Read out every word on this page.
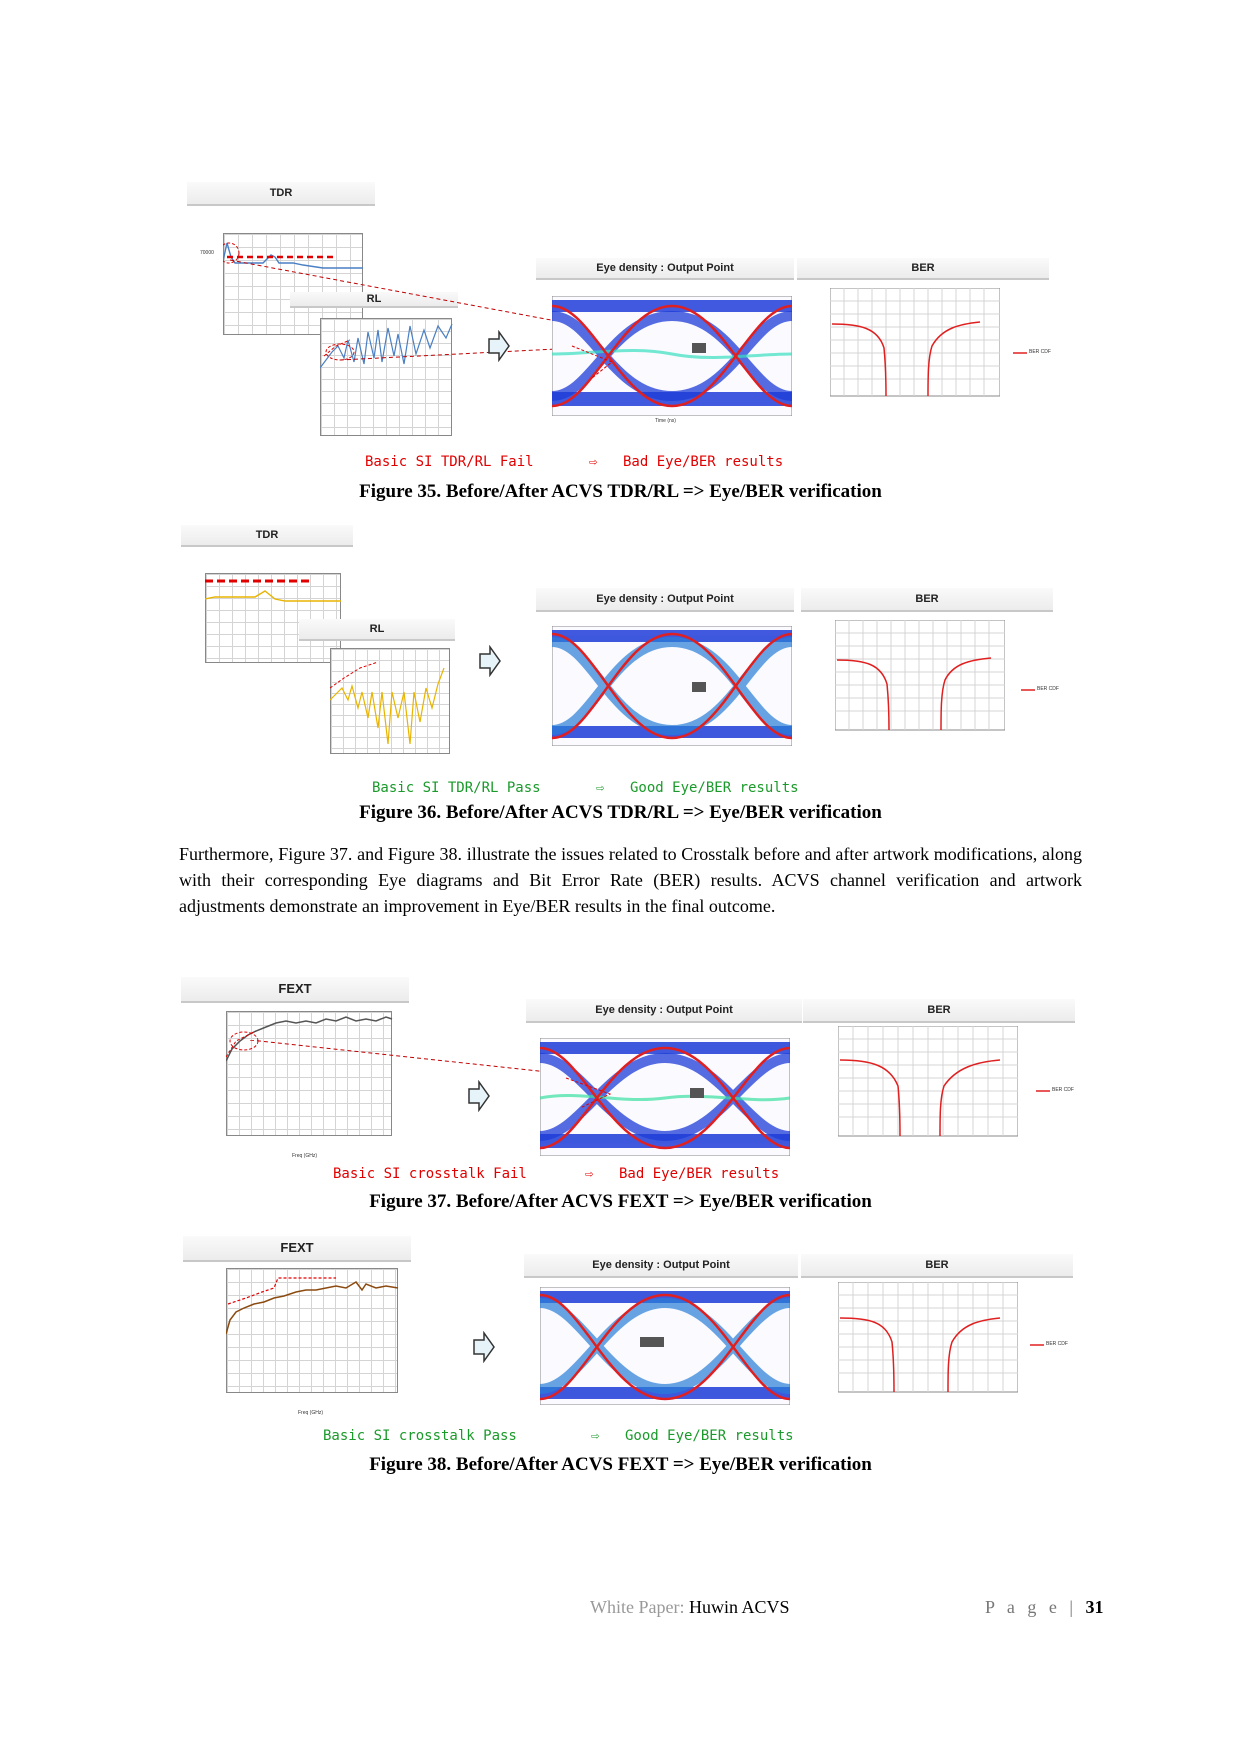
TDR
70000
RL
Eye density : Output Point
Time (ns)
BER
BER CDF
Basic SI TDR/RL Fail	⇨ Bad Eye/BER results
Figure 35. Before/After ACVS TDR/RL => Eye/BER verification
TDR
RL
Eye density : Output Point	BER
BER CDF
Basic SI TDR/RL Pass	⇨ Good Eye/BER results
Figure 36. Before/After ACVS TDR/RL => Eye/BER verification
Furthermore, Figure 37. and Figure 38. illustrate the issues related to Crosstalk before and after artwork modifications, along with their corresponding Eye diagrams and Bit Error Rate (BER) results. ACVS channel verification and artwork adjustments demonstrate an improvement in Eye/BER results in the final outcome.
FEXT
Freq (GHz)
Eye density : Output Point	BER
BER CDF
Basic SI crosstalk Fail	⇨ Bad Eye/BER results
Figure 37. Before/After ACVS FEXT => Eye/BER verification
FEXT
Freq (GHz)
Eye density : Output Point	BER
BER CDF
Basic SI crosstalk Pass	⇨ Good Eye/BER results
Figure 38. Before/After ACVS FEXT => Eye/BER verification
White Paper: Huwin ACVS	P a g e | 31
